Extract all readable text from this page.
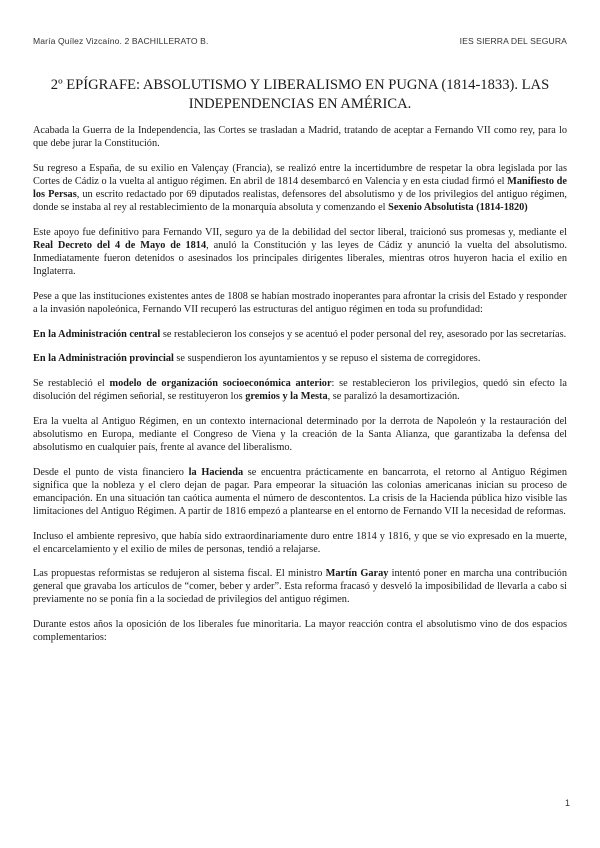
María Quílez Vizcaíno. 2 BACHILLERATO B.	IES SIERRA DEL SEGURA
2º EPÍGRAFE: ABSOLUTISMO Y LIBERALISMO EN PUGNA (1814-1833). LAS INDEPENDENCIAS EN AMÉRICA.

Acabada la Guerra de la Independencia, las Cortes se trasladan a Madrid, tratando de aceptar a Fernando VII como rey, para lo que debe jurar la Constitución.

Su regreso a España, de su exilio en Valençay (Francia), se realizó entre la incertidumbre de respetar la obra legislada por las Cortes de Cádiz o la vuelta al antiguo régimen. En abril de 1814 desembarcó en Valencia y en esta ciudad firmó el Manifiesto de los Persas, un escrito redactado por 69 diputados realistas, defensores del absolutismo y de los privilegios del antiguo régimen, donde se instaba al rey al restablecimiento de la monarquía absoluta y comenzando el Sexenio Absolutista (1814-1820)

Este apoyo fue definitivo para Fernando VII, seguro ya de la debilidad del sector liberal, traicionó sus promesas y, mediante el Real Decreto del 4 de Mayo de 1814, anuló la Constitución y las leyes de Cádiz y anunció la vuelta del absolutismo. Inmediatamente fueron detenidos o asesinados los principales dirigentes liberales, mientras otros huyeron hacia el exilio en Inglaterra.

Pese a que las instituciones existentes antes de 1808 se habían mostrado inoperantes para afrontar la crisis del Estado y responder a la invasión napoleónica, Fernando VII recuperó las estructuras del antiguo régimen en toda su profundidad:

En la Administración central se restablecieron los consejos y se acentuó el poder personal del rey, asesorado por las secretarías.

En la Administración provincial se suspendieron los ayuntamientos y se repuso el sistema de corregidores.

Se restableció el modelo de organización socioeconómica anterior: se restablecieron los privilegios, quedó sin efecto la disolución del régimen señorial, se restituyeron los gremios y la Mesta, se paralizó la desamortización.

Era la vuelta al Antiguo Régimen, en un contexto internacional determinado por la derrota de Napoleón y la restauración del absolutismo en Europa, mediante el Congreso de Viena y la creación de la Santa Alianza, que garantizaba la defensa del absolutismo en cualquier país, frente al avance del liberalismo.

Desde el punto de vista financiero la Hacienda se encuentra prácticamente en bancarrota, el retorno al Antiguo Régimen significa que la nobleza y el clero dejan de pagar. Para empeorar la situación las colonias americanas inician su proceso de emancipación. En una situación tan caótica aumenta el número de descontentos. La crisis de la Hacienda pública hizo visible las limitaciones del Antiguo Régimen. A partir de 1816 empezó a plantearse en el entorno de Fernando VII la necesidad de reformas.

Incluso el ambiente represivo, que había sido extraordinariamente duro entre 1814 y 1816, y que se vio expresado en la muerte, el encarcelamiento y el exilio de miles de personas, tendió a relajarse.

Las propuestas reformistas se redujeron al sistema fiscal. El ministro Martín Garay intentó poner en marcha una contribución general que gravaba los artículos de “comer, beber y arder”. Esta reforma fracasó y desveló la imposibilidad de llevarla a cabo si previamente no se ponía fin a la sociedad de privilegios del antiguo régimen.

Durante estos años la oposición de los liberales fue minoritaria. La mayor reacción contra el absolutismo vino de dos espacios complementarios:

1
